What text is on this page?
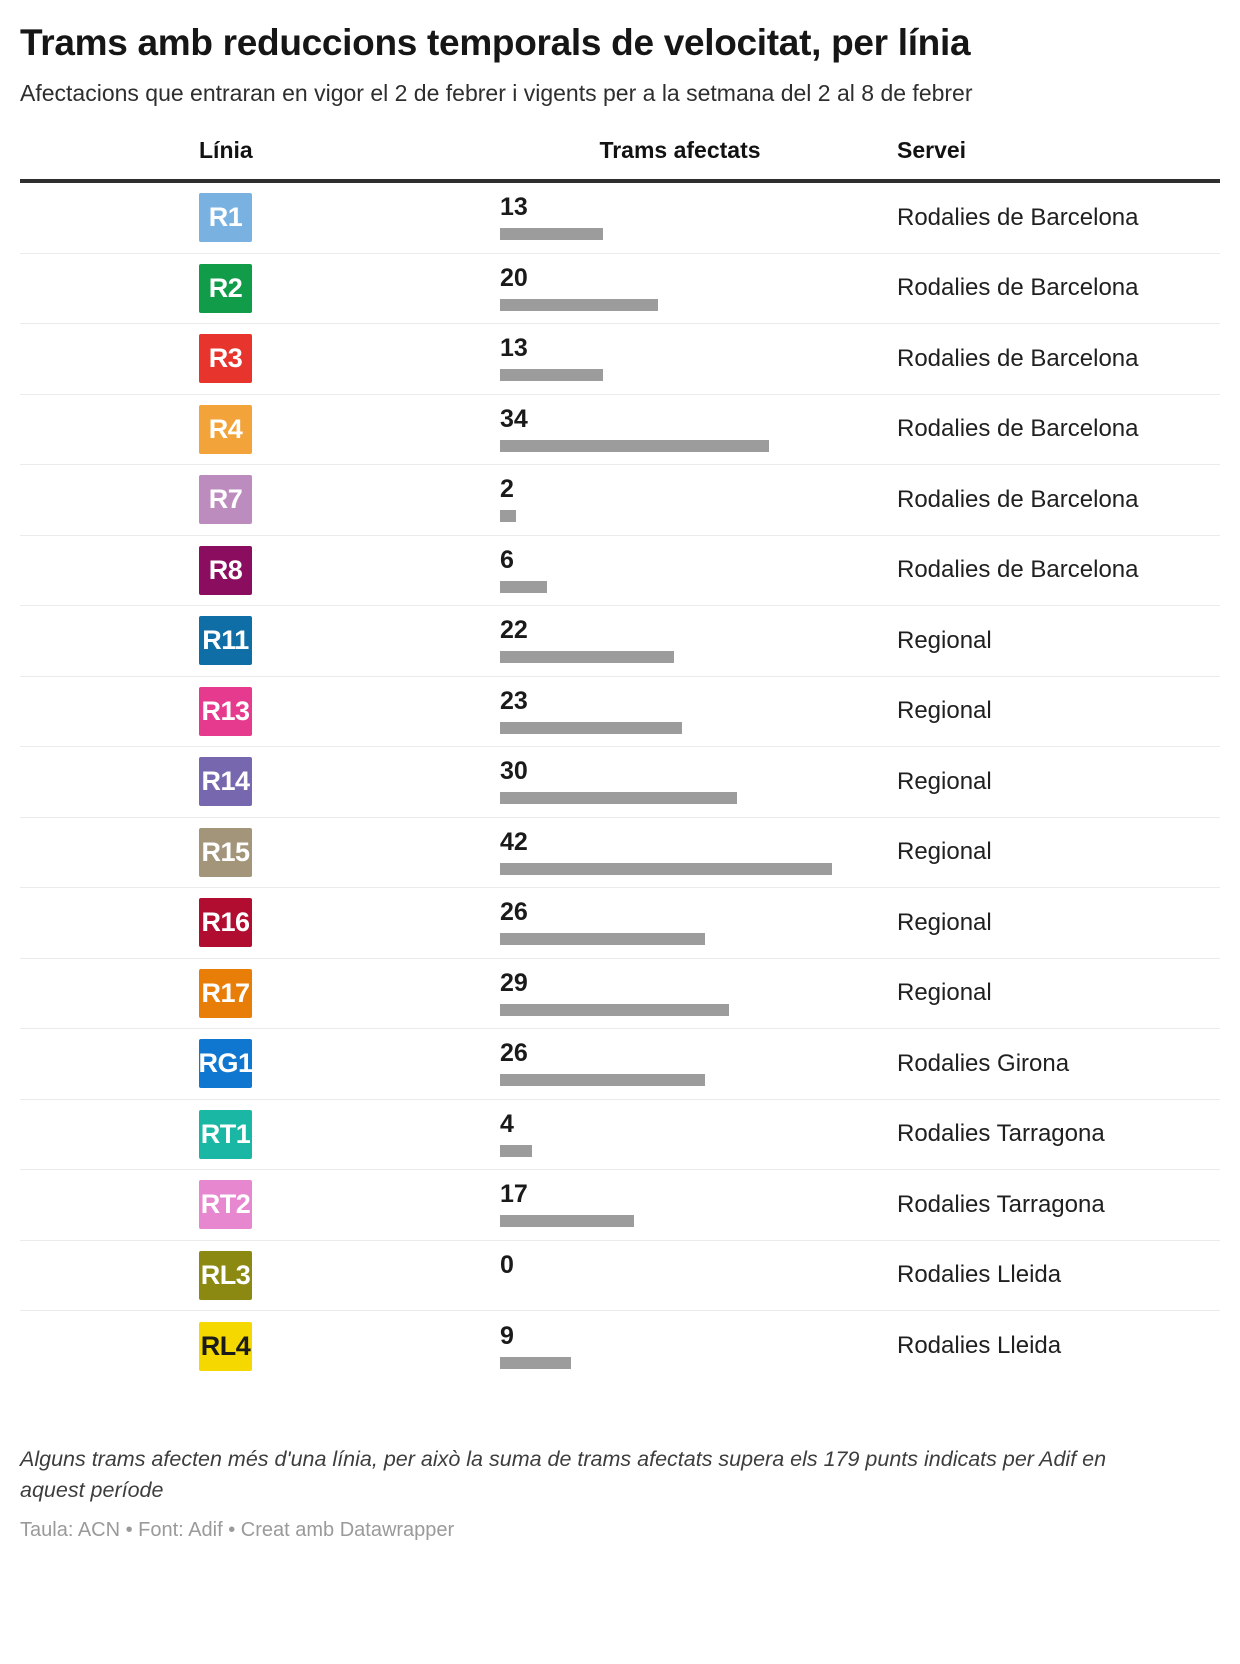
Trams amb reduccions temporals de velocitat, per línia

Afectacions que entraran en vigor el 2 de febrer i vigents per a la setmana del 2 al 8 de febrer

Línia	Trams afectats	Servei
R1	13	Rodalies de Barcelona
R2	20	Rodalies de Barcelona
R3	13	Rodalies de Barcelona
R4	34	Rodalies de Barcelona
R7	2	Rodalies de Barcelona
R8	6	Rodalies de Barcelona
R11	22	Regional
R13	23	Regional
R14	30	Regional
R15	42	Regional
R16	26	Regional
R17	29	Regional
RG1	26	Rodalies Girona
RT1	4	Rodalies Tarragona
RT2	17	Rodalies Tarragona
RL3	0	Rodalies Lleida
RL4	9	Rodalies Lleida

Alguns trams afecten més d'una línia, per això la suma de trams afectats supera els 179 punts indicats per Adif en aquest període

Taula: ACN • Font: Adif • Creat amb Datawrapper
